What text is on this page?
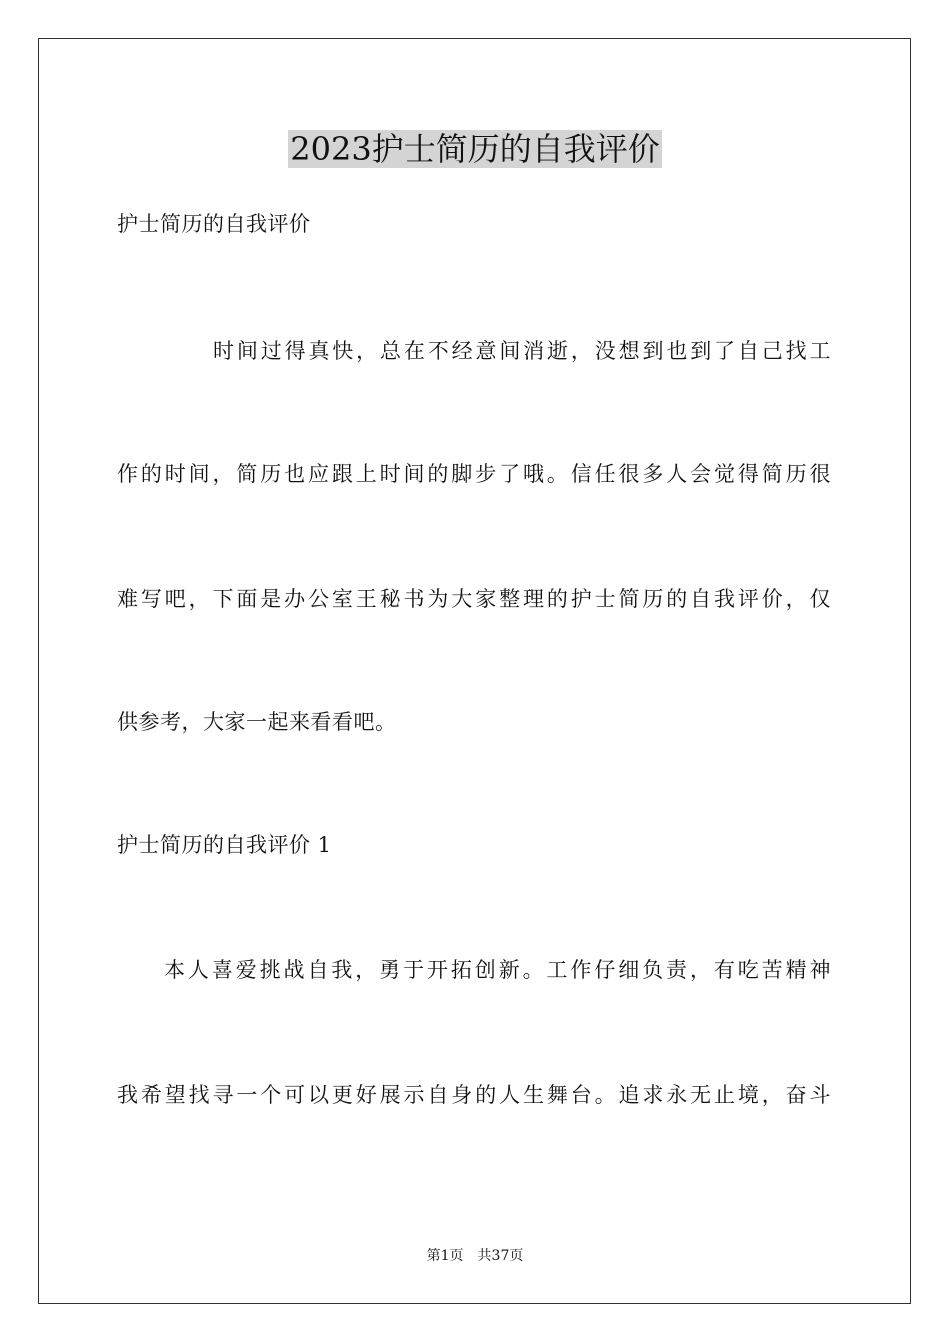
2023护士简历的自我评价

护士简历的自我评价

时间过得真快，总在不经意间消逝，没想到也到了自己找工

作的时间，简历也应跟上时间的脚步了哦。信任很多人会觉得简历很

难写吧，下面是办公室王秘书为大家整理的护士简历的自我评价，仅

供参考，大家一起来看看吧。

护士简历的自我评价 1

本人喜爱挑战自我，勇于开拓创新。工作仔细负责，有吃苦精神

我希望找寻一个可以更好展示自身的人生舞台。追求永无止境，奋斗

第1页 共37页
